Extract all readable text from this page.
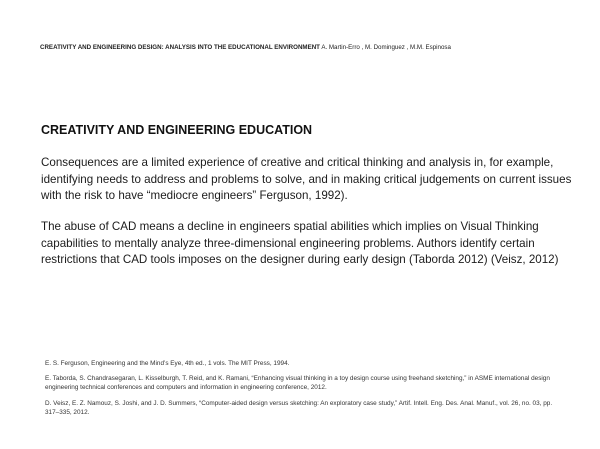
CREATIVITY AND ENGINEERING DESIGN: ANALYSIS INTO THE EDUCATIONAL ENVIRONMENT A. Martin-Erro , M. Dominguez , M.M. Espinosa
CREATIVITY AND ENGINEERING EDUCATION

Consequences are a limited experience of creative and critical thinking and analysis in, for example, identifying needs to address and problems to solve, and in making critical judgements on current issues with the risk to have “mediocre engineers” Ferguson, 1992).

The abuse of CAD means a decline in engineers spatial abilities which implies on Visual Thinking capabilities to mentally analyze three-dimensional engineering problems. Authors identify certain restrictions that CAD tools imposes on the designer during early design (Taborda 2012) (Veisz, 2012)

E. S. Ferguson, Engineering and the Mind’s Eye, 4th ed., 1 vols. The MIT Press, 1994.

E. Taborda, S. Chandrasegaran, L. Kisselburgh, T. Reid, and K. Ramani, “Enhancing visual thinking in a toy design course using freehand sketching,” in ASME international design engineering technical conferences and computers and information in engineering conference, 2012.

D. Veisz, E. Z. Namouz, S. Joshi, and J. D. Summers, “Computer-aided design versus sketching: An exploratory case study,” Artif. Intell. Eng. Des. Anal. Manuf., vol. 26, no. 03, pp. 317–335, 2012.
